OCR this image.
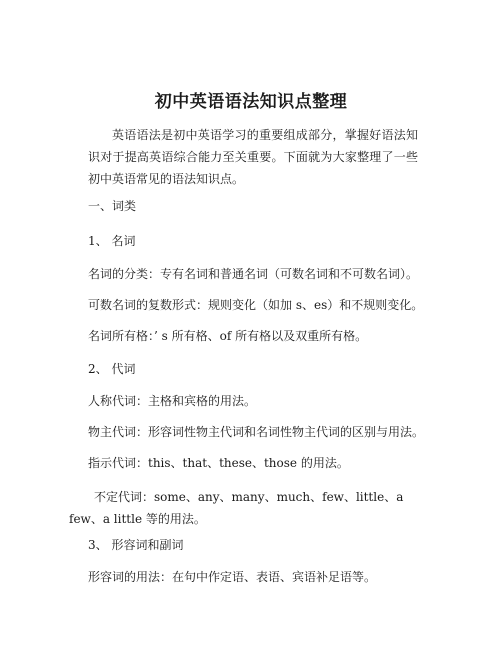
初中英语语法知识点整理
英语语法是初中英语学习的重要组成部分，掌握好语法知识对于提高英语综合能力至关重要。下面就为大家整理了一些初中英语常见的语法知识点。
一、词类
1、 名词
名词的分类：专有名词和普通名词（可数名词和不可数名词）。
可数名词的复数形式：规则变化（如加 s、es）和不规则变化。
名词所有格：’ s 所有格、of 所有格以及双重所有格。
2、 代词
人称代词：主格和宾格的用法。
物主代词：形容词性物主代词和名词性物主代词的区别与用法。
指示代词：this、that、these、those 的用法。
不定代词：some、any、many、much、few、little、a few、a little 等的用法。
3、 形容词和副词
形容词的用法：在句中作定语、表语、宾语补足语等。
